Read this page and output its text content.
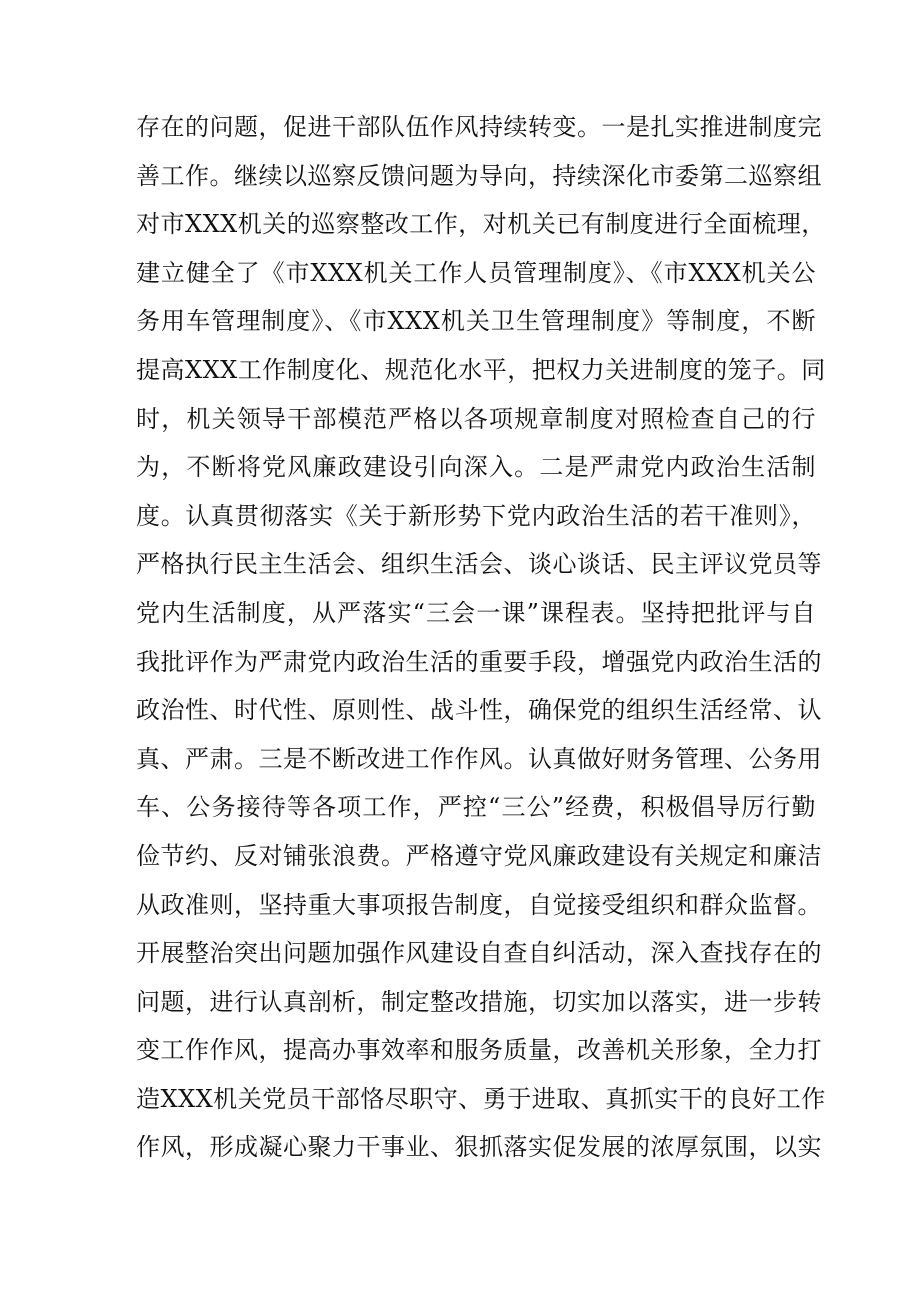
存在的问题，促进干部队伍作风持续转变。一是扎实推进制度完
善工作。继续以巡察反馈问题为导向，持续深化市委第二巡察组
对市XXX机关的巡察整改工作，对机关已有制度进行全面梳理，
建立健全了《市XXX机关工作人员管理制度》、《市XXX机关公
务用车管理制度》、《市XXX机关卫生管理制度》等制度，不断
提高XXX工作制度化、规范化水平，把权力关进制度的笼子。同
时，机关领导干部模范严格以各项规章制度对照检查自己的行
为，不断将党风廉政建设引向深入。二是严肃党内政治生活制
度。认真贯彻落实《关于新形势下党内政治生活的若干准则》，
严格执行民主生活会、组织生活会、谈心谈话、民主评议党员等
党内生活制度，从严落实“三会一课”课程表。坚持把批评与自
我批评作为严肃党内政治生活的重要手段，增强党内政治生活的
政治性、时代性、原则性、战斗性，确保党的组织生活经常、认
真、严肃。三是不断改进工作作风。认真做好财务管理、公务用
车、公务接待等各项工作，严控“三公”经费，积极倡导厉行勤
俭节约、反对铺张浪费。严格遵守党风廉政建设有关规定和廉洁
从政准则，坚持重大事项报告制度，自觉接受组织和群众监督。
开展整治突出问题加强作风建设自查自纠活动，深入查找存在的
问题，进行认真剖析，制定整改措施，切实加以落实，进一步转
变工作作风，提高办事效率和服务质量，改善机关形象，全力打
造XXX机关党员干部恪尽职守、勇于进取、真抓实干的良好工作
作风，形成凝心聚力干事业、狠抓落实促发展的浓厚氛围，以实
